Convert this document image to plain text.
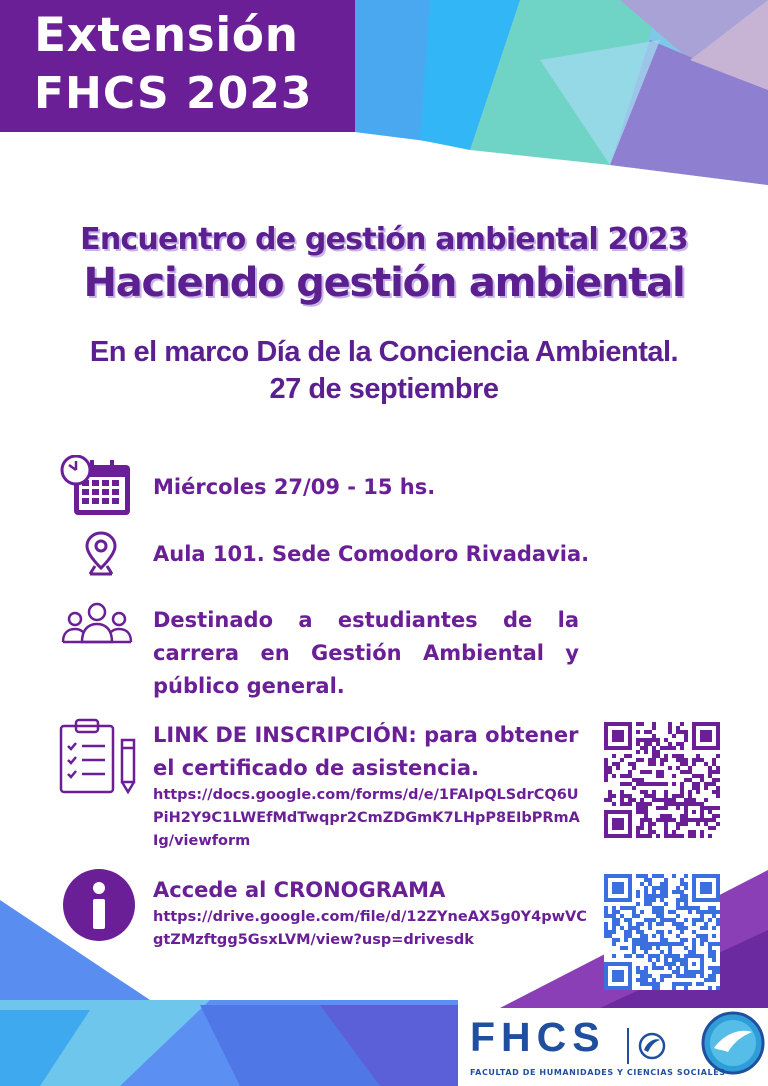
Extensión
FHCS 2023
Encuentro de gestión ambiental 2023
Haciendo gestión ambiental
En el marco Día de la Conciencia Ambiental.
27 de septiembre
Miércoles 27/09 - 15 hs.
Aula 101. Sede Comodoro Rivadavia.
Destinado a estudiantes de la carrera en Gestión Ambiental y público general.
LINK DE INSCRIPCIÓN: para obtener
el certificado de asistencia.
https://docs.google.com/forms/d/e/1FAIpQLSdrCQ6U
PiH2Y9C1LWEfMdTwqpr2CmZDGmK7LHpP8EIbPRmA
Ig/viewform
Accede al CRONOGRAMA
https://drive.google.com/file/d/12ZYneAX5g0Y4pwVC
gtZMzftgg5GsxLVM/view?usp=drivesdk
FHCS
FACULTAD DE HUMANIDADES Y CIENCIAS SOCIALES
